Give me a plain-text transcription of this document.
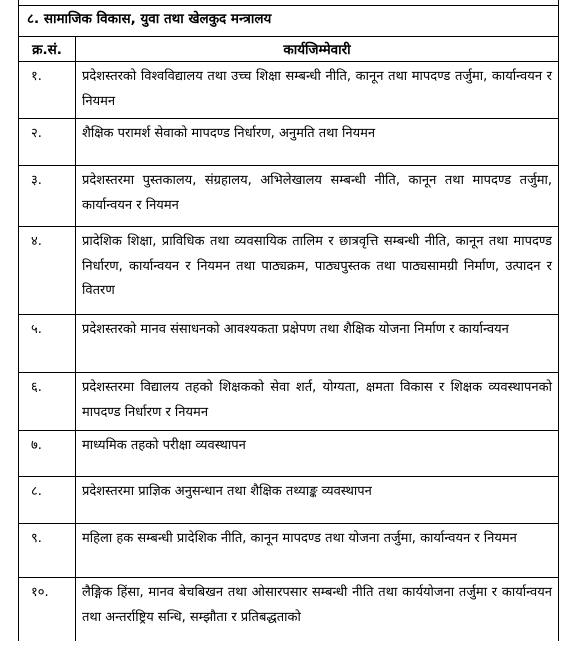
८. सामाजिक विकास, युवा तथा खेलकुद मन्त्रालय	
क्र.सं.	कार्यजिम्मेवारी
१.	प्रदेशस्तरको विश्वविद्यालय तथा उच्च शिक्षा सम्बन्धी नीति, कानून तथा मापदण्ड तर्जुमा, कार्यान्वयन र नियमन
२.	शैक्षिक परामर्श सेवाको मापदण्ड निर्धारण, अनुमति तथा नियमन
३.	प्रदेशस्तरमा पुस्तकालय, संग्रहालय, अभिलेखालय सम्बन्धी नीति, कानून तथा मापदण्ड तर्जुमा, कार्यान्वयन र नियमन
४.	प्रादेशिक शिक्षा, प्राविधिक तथा व्यवसायिक तालिम र छात्रवृत्ति सम्बन्धी नीति, कानून तथा मापदण्ड निर्धारण, कार्यान्वयन र नियमन तथा पाठ्यक्रम, पाठ्यपुस्तक तथा पाठ्यसामग्री निर्माण, उत्पादन र वितरण
५.	प्रदेशस्तरको मानव संसाधनको आवश्यकता प्रक्षेपण तथा शैक्षिक योजना निर्माण र कार्यान्वयन
६.	प्रदेशस्तरमा विद्यालय तहको शिक्षकको सेवा शर्त, योग्यता, क्षमता विकास र शिक्षक व्यवस्थापनको मापदण्ड निर्धारण र नियमन
७.	माध्यमिक तहको परीक्षा व्यवस्थापन
८.	प्रदेशस्तरमा प्राज्ञिक अनुसन्धान तथा शैक्षिक तथ्याङ्क व्यवस्थापन
९.	महिला हक सम्बन्धी प्रादेशिक नीति, कानून मापदण्ड तथा योजना तर्जुमा, कार्यान्वयन र नियमन
१०.	लैङ्गिक हिंसा, मानव बेचबिखन तथा ओसारपसार सम्बन्धी नीति तथा कार्ययोजना तर्जुमा र कार्यान्वयन तथा अन्तर्राष्ट्रिय सन्धि, सम्झौता र प्रतिबद्धताको
